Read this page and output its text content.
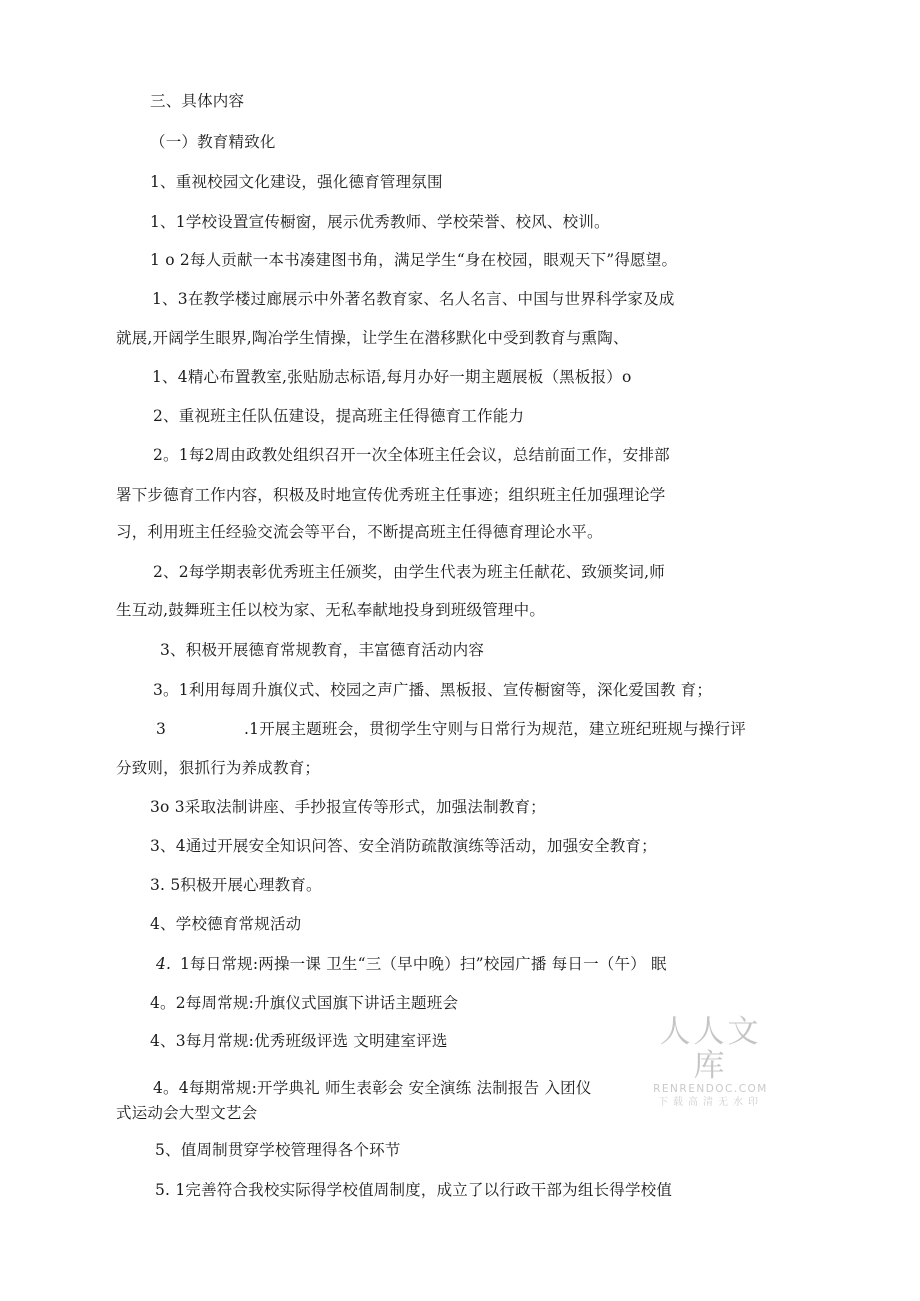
三、具体内容
（一）教育精致化
1、重视校园文化建设，强化德育管理氛围
1、1学校设置宣传橱窗，展示优秀教师、学校荣誉、校风、校训。
1 o 2每人贡献一本书凑建图书角，满足学生“身在校园，眼观天下”得愿望。
1、3在教学楼过廊展示中外著名教育家、名人名言、中国与世界科学家及成
就展,开阔学生眼界,陶冶学生情操，让学生在潜移默化中受到教育与熏陶、
1、4精心布置教室,张贴励志标语,每月办好一期主题展板（黑板报）o
2、重视班主任队伍建设，提高班主任得德育工作能力
2。1每2周由政教处组织召开一次全体班主任会议，总结前面工作，安排部
署下步德育工作内容，积极及时地宣传优秀班主任事迹；组织班主任加强理论学
习，利用班主任经验交流会等平台，不断提高班主任得德育理论水平。
2、2每学期表彰优秀班主任颁奖，由学生代表为班主任献花、致颁奖词,师
生互动,鼓舞班主任以校为家、无私奉献地投身到班级管理中。
3、积极开展德育常规教育，丰富德育活动内容
3。1利用每周升旗仪式、校园之声广播、黑板报、宣传橱窗等，深化爱国教 育；
3	.1开展主题班会，贯彻学生守则与日常行为规范，建立班纪班规与操行评
分致则，狠抓行为养成教育；
3o 3采取法制讲座、手抄报宣传等形式，加强法制教育；
3、4通过开展安全知识问答、安全消防疏散演练等活动，加强安全教育；
3. 5积极开展心理教育。
4、学校德育常规活动
4. 1每日常规:两操一课 卫生“三（早中晚）扫”校园广播 每日一（午） 眠
4。2每周常规:升旗仪式国旗下讲话主题班会
4、3每月常规:优秀班级评选 文明建室评选
4。4每期常规:开学典礼 师生表彰会 安全演练 法制报告 入团仪
式运动会大型文艺会
5、值周制贯穿学校管理得各个环节
5. 1完善符合我校实际得学校值周制度，成立了以行政干部为组长得学校值
人人文库
RENRENDOC.COM
下载高清无水印
